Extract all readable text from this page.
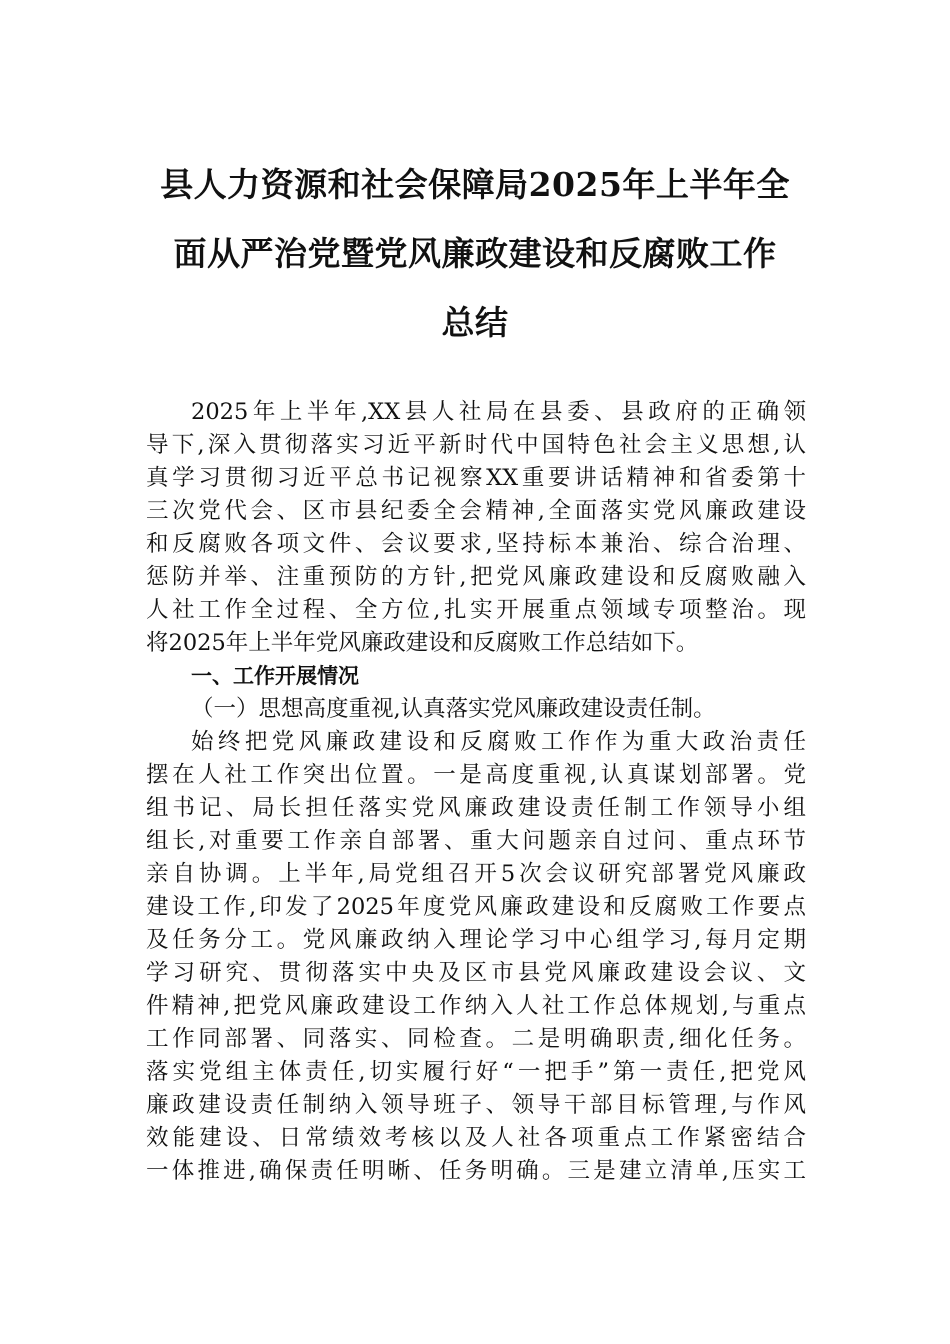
县人力资源和社会保障局2025年上半年全
面从严治党暨党风廉政建设和反腐败工作
总结
2025年上半年,XX县人社局在县委、县政府的正确领
导下,深入贯彻落实习近平新时代中国特色社会主义思想,认
真学习贯彻习近平总书记视察XX重要讲话精神和省委第十
三次党代会、区市县纪委全会精神,全面落实党风廉政建设
和反腐败各项文件、会议要求,坚持标本兼治、综合治理、
惩防并举、注重预防的方针,把党风廉政建设和反腐败融入
人社工作全过程、全方位,扎实开展重点领域专项整治。现
将2025年上半年党风廉政建设和反腐败工作总结如下。
一、工作开展情况
（一）思想高度重视,认真落实党风廉政建设责任制。
始终把党风廉政建设和反腐败工作作为重大政治责任
摆在人社工作突出位置。一是高度重视,认真谋划部署。党
组书记、局长担任落实党风廉政建设责任制工作领导小组
组长,对重要工作亲自部署、重大问题亲自过问、重点环节
亲自协调。上半年,局党组召开5次会议研究部署党风廉政
建设工作,印发了2025年度党风廉政建设和反腐败工作要点
及任务分工。党风廉政纳入理论学习中心组学习,每月定期
学习研究、贯彻落实中央及区市县党风廉政建设会议、文
件精神,把党风廉政建设工作纳入人社工作总体规划,与重点
工作同部署、同落实、同检查。二是明确职责,细化任务。
落实党组主体责任,切实履行好“一把手”第一责任,把党风
廉政建设责任制纳入领导班子、领导干部目标管理,与作风
效能建设、日常绩效考核以及人社各项重点工作紧密结合
一体推进,确保责任明晰、任务明确。三是建立清单,压实工
